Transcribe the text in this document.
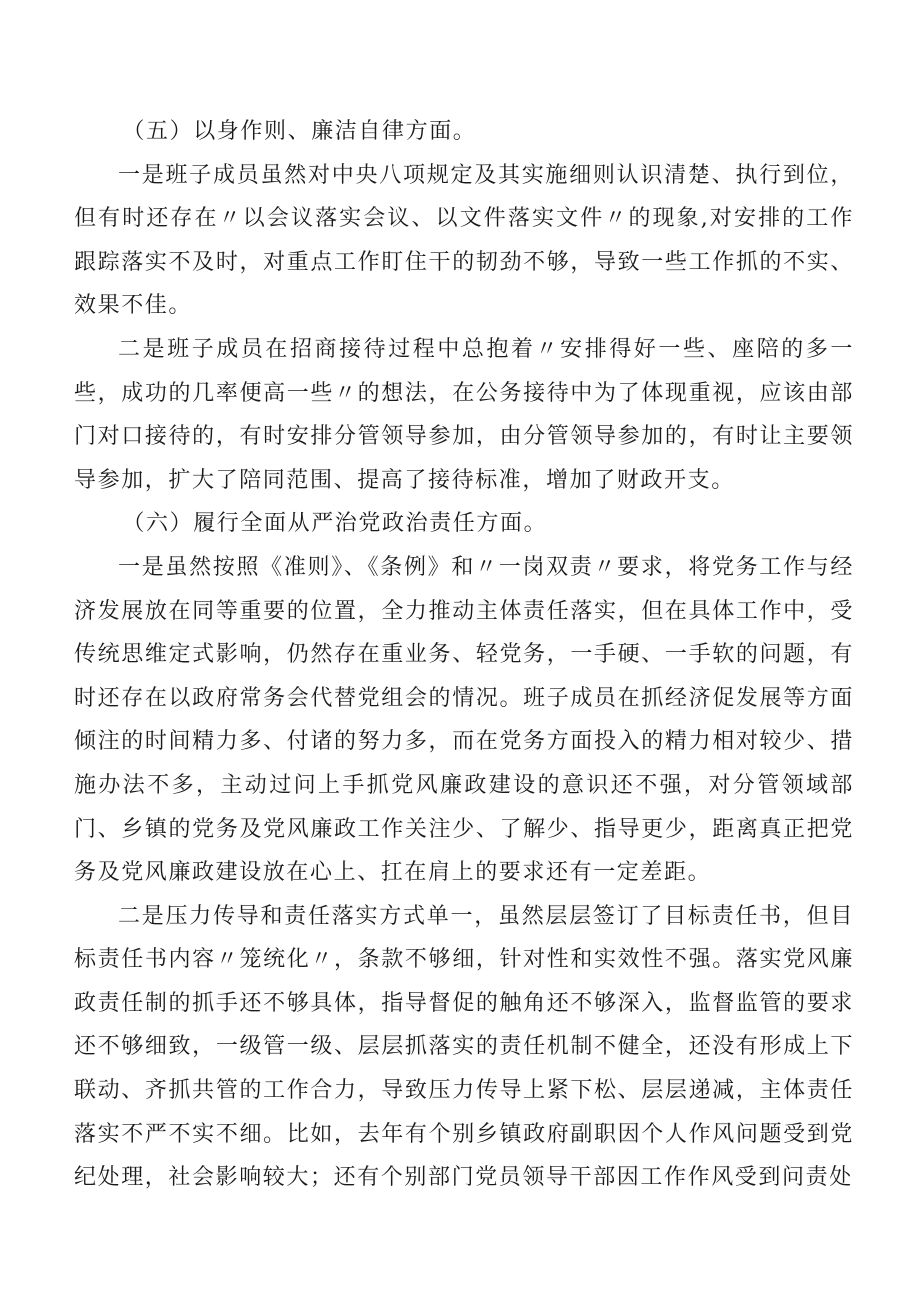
（五）以身作则、廉洁自律方面。

一是班子成员虽然对中央八项规定及其实施细则认识清楚、执行到位，但有时还存在〃以会议落实会议、以文件落实文件〃的现象,对安排的工作跟踪落实不及时，对重点工作盯住干的韧劲不够，导致一些工作抓的不实、效果不佳。

二是班子成员在招商接待过程中总抱着〃安排得好一些、座陪的多一些，成功的几率便高一些〃的想法，在公务接待中为了体现重视，应该由部门对口接待的，有时安排分管领导参加，由分管领导参加的，有时让主要领导参加，扩大了陪同范围、提高了接待标准，增加了财政开支。

（六）履行全面从严治党政治责任方面。

一是虽然按照《准则》、《条例》和〃一岗双责〃要求，将党务工作与经济发展放在同等重要的位置，全力推动主体责任落实，但在具体工作中，受传统思维定式影响，仍然存在重业务、轻党务，一手硬、一手软的问题，有时还存在以政府常务会代替党组会的情况。班子成员在抓经济促发展等方面倾注的时间精力多、付诸的努力多，而在党务方面投入的精力相对较少、措施办法不多，主动过问上手抓党风廉政建设的意识还不强，对分管领域部门、乡镇的党务及党风廉政工作关注少、了解少、指导更少，距离真正把党务及党风廉政建设放在心上、扛在肩上的要求还有一定差距。

二是压力传导和责任落实方式单一，虽然层层签订了目标责任书，但目标责任书内容〃笼统化〃，条款不够细，针对性和实效性不强。落实党风廉政责任制的抓手还不够具体，指导督促的触角还不够深入，监督监管的要求还不够细致，一级管一级、层层抓落实的责任机制不健全，还没有形成上下联动、齐抓共管的工作合力，导致压力传导上紧下松、层层递减，主体责任落实不严不实不细。比如，去年有个别乡镇政府副职因个人作风问题受到党纪处理，社会影响较大；还有个别部门党员领导干部因工作作风受到问责处
